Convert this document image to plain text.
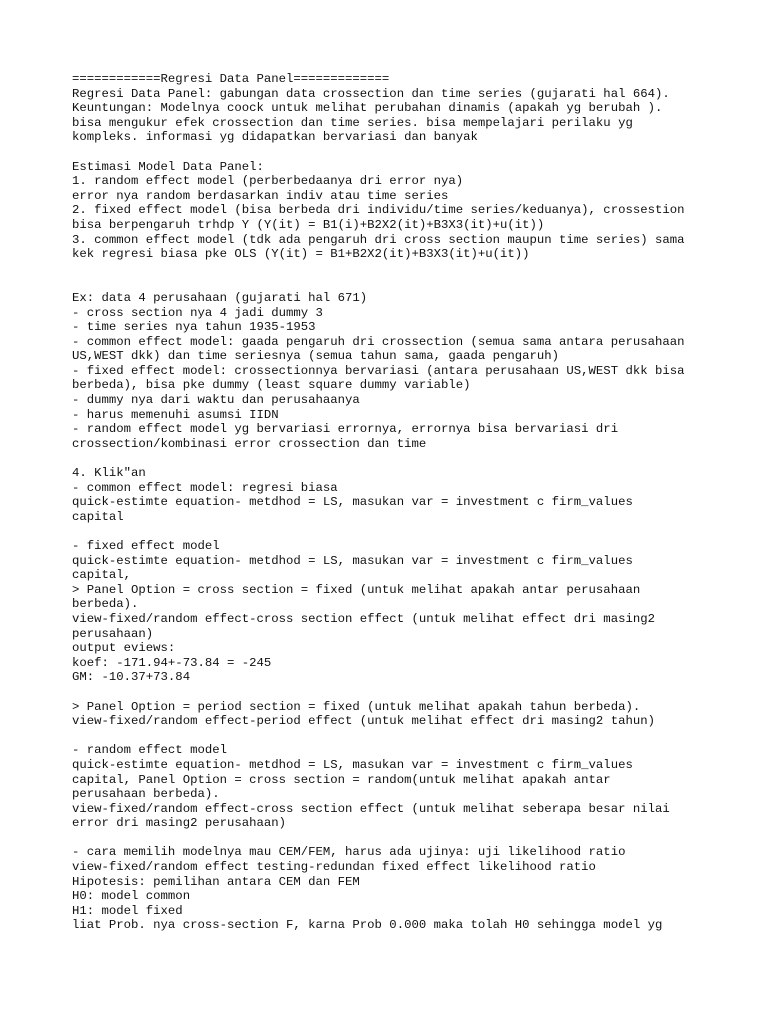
============Regresi Data Panel=============
Regresi Data Panel: gabungan data crossection dan time series (gujarati hal 664).
Keuntungan: Modelnya coock untuk melihat perubahan dinamis (apakah yg berubah ).
bisa mengukur efek crossection dan time series. bisa mempelajari perilaku yg
kompleks. informasi yg didapatkan bervariasi dan banyak
Estimasi Model Data Panel:
1. random effect model (perberbedaanya dri error nya)
error nya random berdasarkan indiv atau time series
2. fixed effect model (bisa berbeda dri individu/time series/keduanya), crossestion
bisa berpengaruh trhdp Y (Y(it) = B1(i)+B2X2(it)+B3X3(it)+u(it))
3. common effect model (tdk ada pengaruh dri cross section maupun time series) sama
kek regresi biasa pke OLS (Y(it) = B1+B2X2(it)+B3X3(it)+u(it))
Ex: data 4 perusahaan (gujarati hal 671)
- cross section nya 4 jadi dummy 3
- time series nya tahun 1935-1953
- common effect model: gaada pengaruh dri crossection (semua sama antara perusahaan
US,WEST dkk) dan time seriesnya (semua tahun sama, gaada pengaruh)
- fixed effect model: crossectionnya bervariasi (antara perusahaan US,WEST dkk bisa
berbeda), bisa pke dummy (least square dummy variable)
- dummy nya dari waktu dan perusahaanya
- harus memenuhi asumsi IIDN
- random effect model yg bervariasi errornya, errornya bisa bervariasi dri
crossection/kombinasi error crossection dan time
4. Klik"an
- common effect model: regresi biasa
quick-estimte equation- metdhod = LS, masukan var = investment c firm_values
capital
- fixed effect model
quick-estimte equation- metdhod = LS, masukan var = investment c firm_values
capital,
> Panel Option = cross section = fixed (untuk melihat apakah antar perusahaan
berbeda).
view-fixed/random effect-cross section effect (untuk melihat effect dri masing2
perusahaan)
output eviews:
koef: -171.94+-73.84 = -245
GM: -10.37+73.84
> Panel Option = period section = fixed (untuk melihat apakah tahun berbeda).
view-fixed/random effect-period effect (untuk melihat effect dri masing2 tahun)
- random effect model
quick-estimte equation- metdhod = LS, masukan var = investment c firm_values
capital, Panel Option = cross section = random(untuk melihat apakah antar
perusahaan berbeda).
view-fixed/random effect-cross section effect (untuk melihat seberapa besar nilai
error dri masing2 perusahaan)
- cara memilih modelnya mau CEM/FEM, harus ada ujinya: uji likelihood ratio
view-fixed/random effect testing-redundan fixed effect likelihood ratio
Hipotesis: pemilihan antara CEM dan FEM
H0: model common
H1: model fixed
liat Prob. nya cross-section F, karna Prob 0.000 maka tolah H0 sehingga model yg
